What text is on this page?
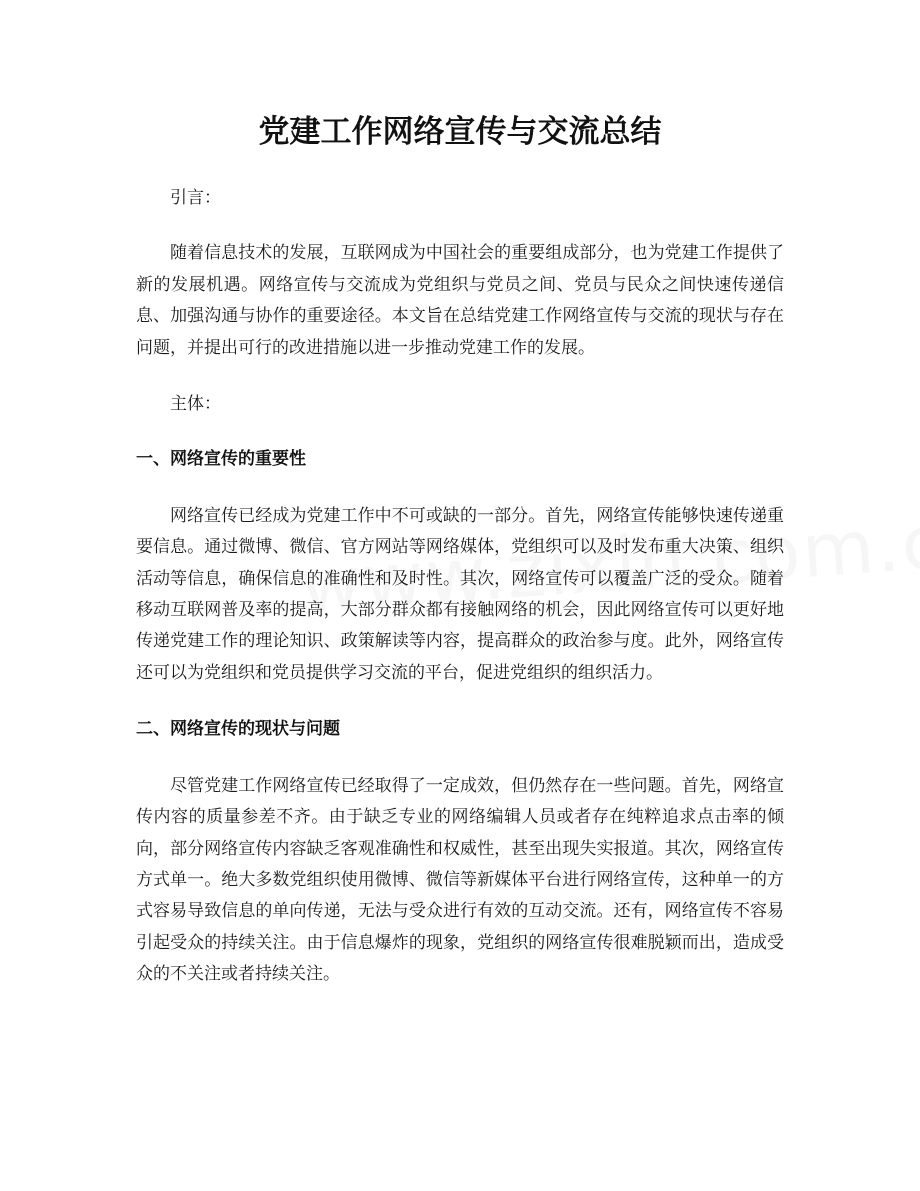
党建工作网络宣传与交流总结

引言：

随着信息技术的发展，互联网成为中国社会的重要组成部分，也为党建工作提供了新的发展机遇。网络宣传与交流成为党组织与党员之间、党员与民众之间快速传递信息、加强沟通与协作的重要途径。本文旨在总结党建工作网络宣传与交流的现状与存在问题，并提出可行的改进措施以进一步推动党建工作的发展。

主体：

一、网络宣传的重要性

网络宣传已经成为党建工作中不可或缺的一部分。首先，网络宣传能够快速传递重要信息。通过微博、微信、官方网站等网络媒体，党组织可以及时发布重大决策、组织活动等信息，确保信息的准确性和及时性。其次，网络宣传可以覆盖广泛的受众。随着移动互联网普及率的提高，大部分群众都有接触网络的机会，因此网络宣传可以更好地传递党建工作的理论知识、政策解读等内容，提高群众的政治参与度。此外，网络宣传还可以为党组织和党员提供学习交流的平台，促进党组织的组织活力。

二、网络宣传的现状与问题

尽管党建工作网络宣传已经取得了一定成效，但仍然存在一些问题。首先，网络宣传内容的质量参差不齐。由于缺乏专业的网络编辑人员或者存在纯粹追求点击率的倾向，部分网络宣传内容缺乏客观准确性和权威性，甚至出现失实报道。其次，网络宣传方式单一。绝大多数党组织使用微博、微信等新媒体平台进行网络宣传，这种单一的方式容易导致信息的单向传递，无法与受众进行有效的互动交流。还有，网络宣传不容易引起受众的持续关注。由于信息爆炸的现象，党组织的网络宣传很难脱颖而出，造成受众的不关注或者持续关注。
